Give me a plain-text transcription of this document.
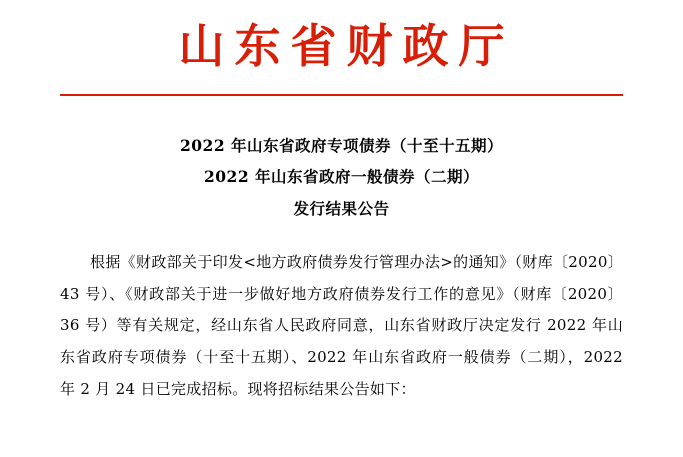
山东省财政厅
2022 年山东省政府专项债券（十至十五期）
2022 年山东省政府一般债券（二期）
发行结果公告

根据《财政部关于印发<地方政府债券发行管理办法>的通知》（财库〔2020〕43 号）、《财政部关于进一步做好地方政府债券发行工作的意见》（财库〔2020〕36 号）等有关规定，经山东省人民政府同意，山东省财政厅决定发行 2022 年山东省政府专项债券（十至十五期）、2022 年山东省政府一般债券（二期），2022 年 2 月 24 日已完成招标。现将招标结果公告如下：
